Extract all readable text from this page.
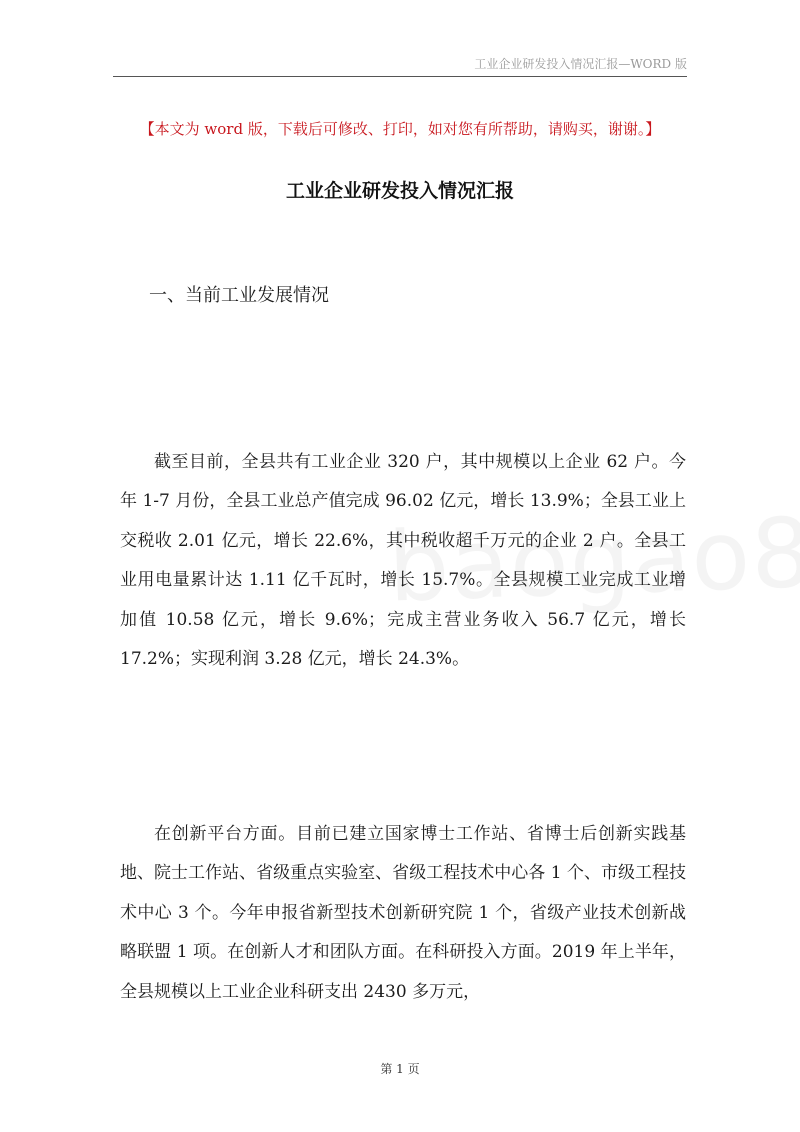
工业企业研发投入情况汇报—WORD 版
【本文为 word 版，下载后可修改、打印，如对您有所帮助，请购买，谢谢。】
工业企业研发投入情况汇报
一、当前工业发展情况

截至目前，全县共有工业企业 320 户，其中规模以上企业 62 户。今年 1-7 月份，全县工业总产值完成 96.02 亿元，增长 13.9%；全县工业上交税收 2.01 亿元，增长 22.6%，其中税收超千万元的企业 2 户。全县工业用电量累计达 1.11 亿千瓦时，增长 15.7%。全县规模工业完成工业增加值 10.58 亿元，增长 9.6%；完成主营业务收入 56.7 亿元，增长 17.2%；实现利润 3.28 亿元，增长 24.3%。

在创新平台方面。目前已建立国家博士工作站、省博士后创新实践基地、院士工作站、省级重点实验室、省级工程技术中心各 1 个、市级工程技术中心 3 个。今年申报省新型技术创新研究院 1 个，省级产业技术创新战略联盟 1 项。在创新人才和团队方面。在科研投入方面。2019 年上半年，全县规模以上工业企业科研支出 2430 多万元，

第 1 页
